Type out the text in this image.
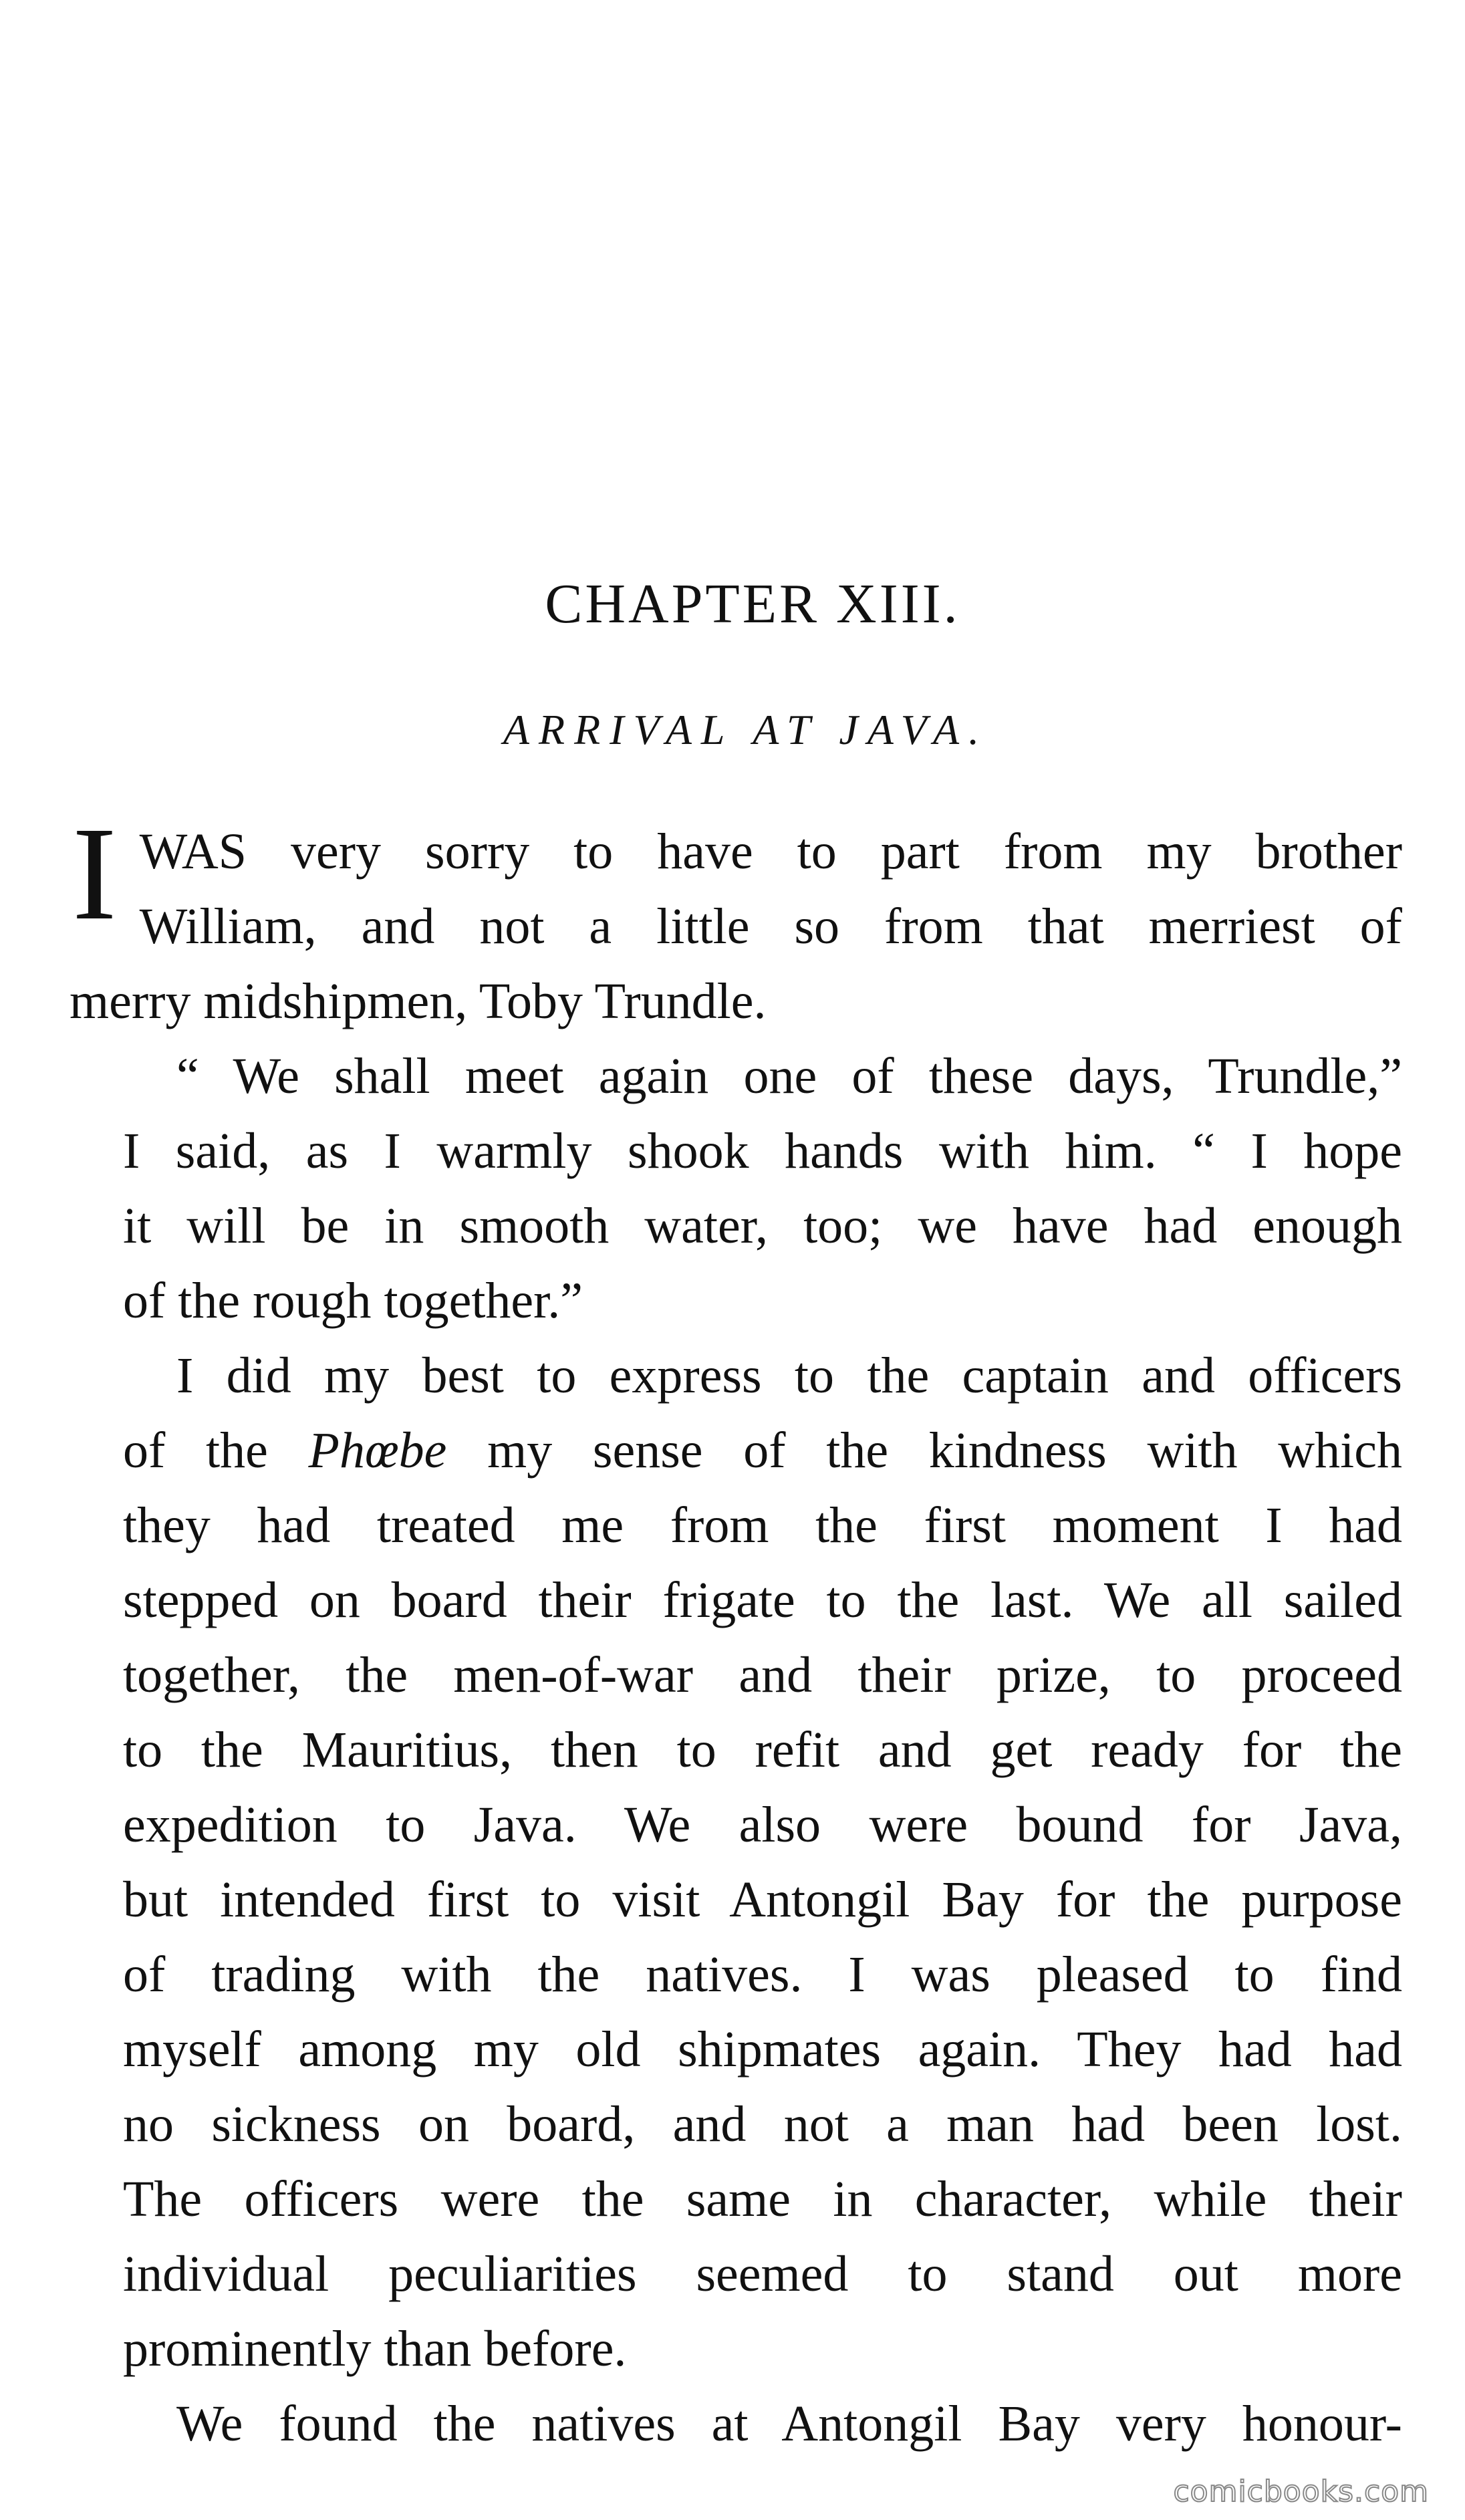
CHAPTER XIII.
ARRIVAL AT JAVA.

I WAS very sorry to have to part from my brother
William, and not a little so from that merriest of
merry midshipmen, Toby Trundle.

“ We shall meet again one of these days, Trundle,”
I said, as I warmly shook hands with him. “ I hope
it will be in smooth water, too; we have had enough
of the rough together.”

I did my best to express to the captain and officers
of the Phœbe my sense of the kindness with which
they had treated me from the first moment I had
stepped on board their frigate to the last. We all sailed
together, the men-of-war and their prize, to proceed
to the Mauritius, then to refit and get ready for the
expedition to Java. We also were bound for Java,
but intended first to visit Antongil Bay for the purpose
of trading with the natives. I was pleased to find
myself among my old shipmates again. They had had
no sickness on board, and not a man had been lost.
The officers were the same in character, while their
individual peculiarities seemed to stand out more
prominently than before.

We found the natives at Antongil Bay very honour-

comicbooks.com
